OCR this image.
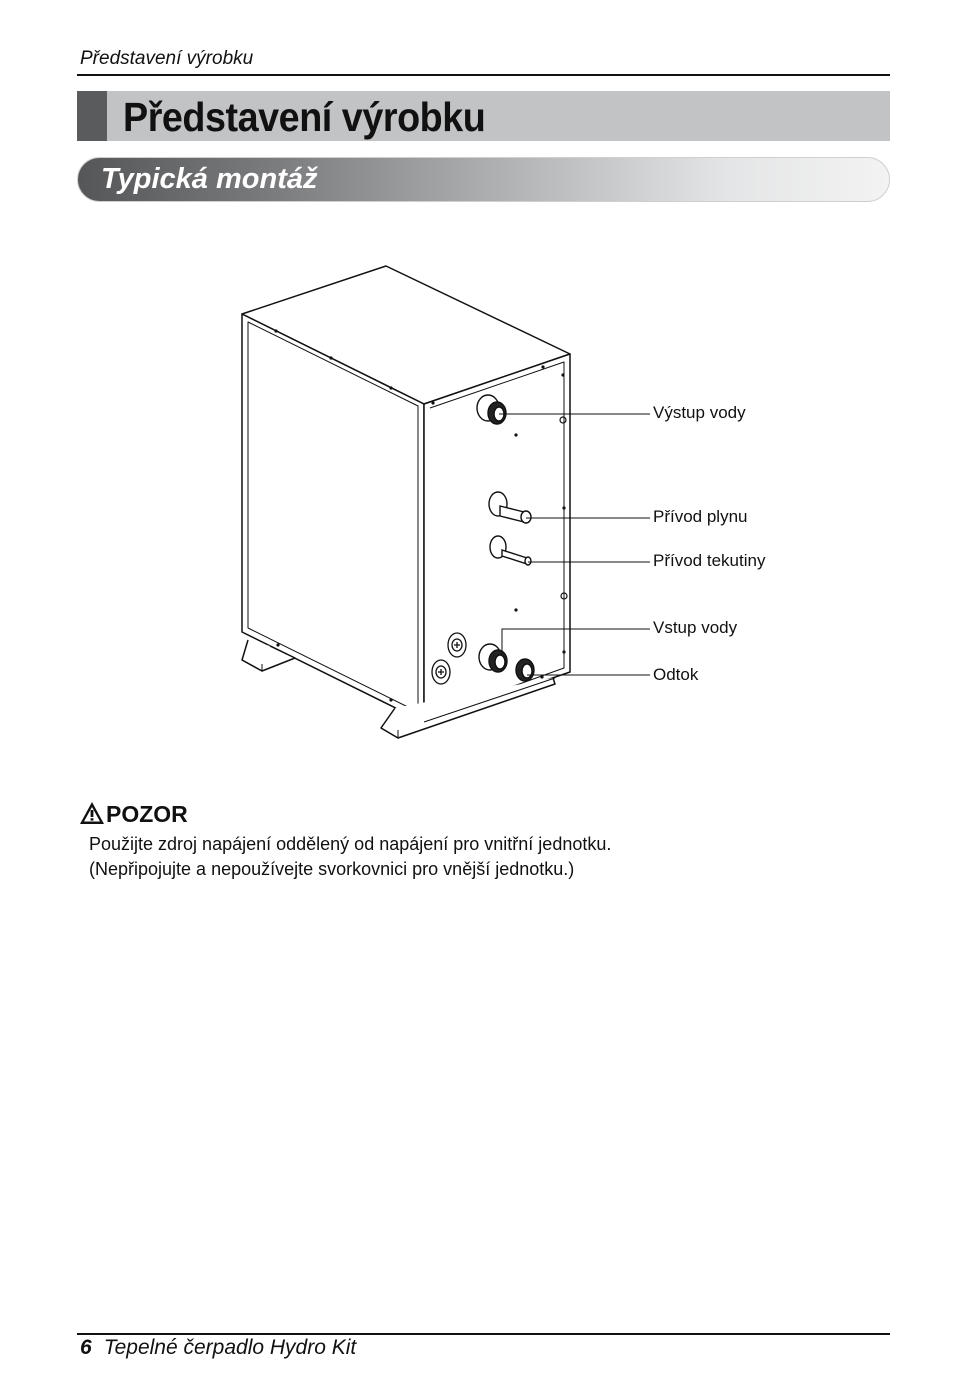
Představení výrobku
Představení výrobku
Typická montáž
Výstup vody
Přívod plynu
Přívod tekutiny
Vstup vody
Odtok
POZOR
Použijte zdroj napájení oddělený od napájení pro vnitřní jednotku.
(Nepřipojujte a nepoužívejte svorkovnici pro vnější jednotku.)
6 Tepelné čerpadlo Hydro Kit
